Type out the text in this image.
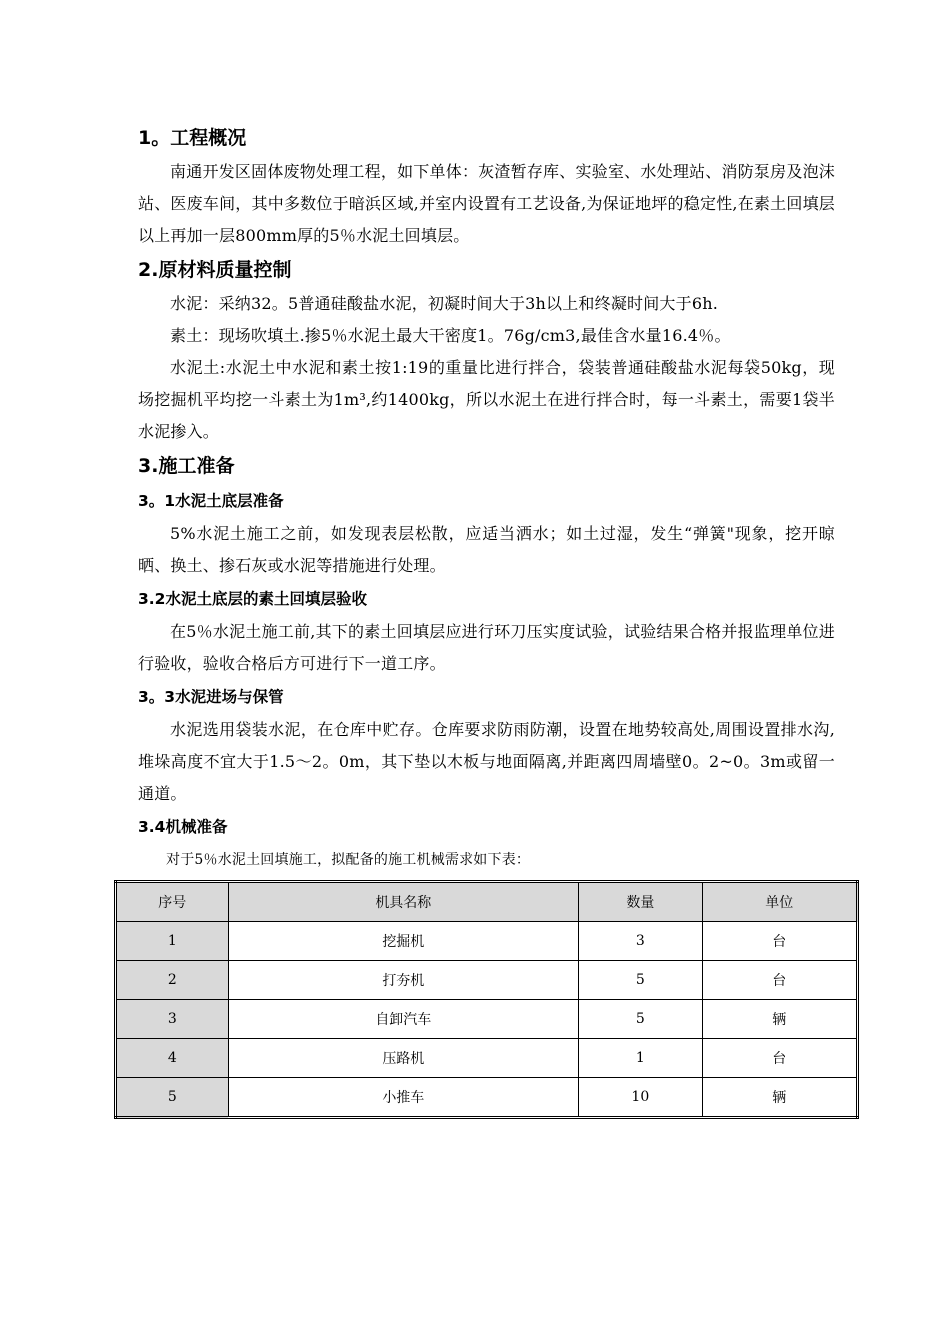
1。工程概况

南通开发区固体废物处理工程，如下单体：灰渣暂存库、实验室、水处理站、消防泵房及泡沫站、医废车间，其中多数位于暗浜区域,并室内设置有工艺设备,为保证地坪的稳定性,在素土回填层以上再加一层800mm厚的5％水泥土回填层。

2.原材料质量控制

水泥：采纳32。5普通硅酸盐水泥，初凝时间大于3h以上和终凝时间大于6h.

素土：现场吹填土.掺5％水泥土最大干密度1。76g/cm3,最佳含水量16.4％。

水泥土:水泥土中水泥和素土按1:19的重量比进行拌合，袋装普通硅酸盐水泥每袋50kg，现场挖掘机平均挖一斗素土为1m³,约1400kg，所以水泥土在进行拌合时，每一斗素土，需要1袋半水泥掺入。

3.施工准备
3。1水泥土底层准备

5%水泥土施工之前，如发现表层松散，应适当洒水；如土过湿，发生“弹簧"现象，挖开晾晒、换土、掺石灰或水泥等措施进行处理。

3.2水泥土底层的素土回填层验收

在5％水泥土施工前,其下的素土回填层应进行环刀压实度试验，试验结果合格并报监理单位进行验收，验收合格后方可进行下一道工序。

3。3水泥进场与保管

水泥选用袋装水泥，在仓库中贮存。仓库要求防雨防潮，设置在地势较高处,周围设置排水沟,堆垛高度不宜大于1.5～2。0m，其下垫以木板与地面隔离,并距离四周墙壁0。2~0。3m或留一通道。

3.4机械准备

对于5％水泥土回填施工，拟配备的施工机械需求如下表：

序号	机具名称	数量	单位
1	挖掘机	3	台
2	打夯机	5	台
3	自卸汽车	5	辆
4	压路机	1	台
5	小推车	10	辆
